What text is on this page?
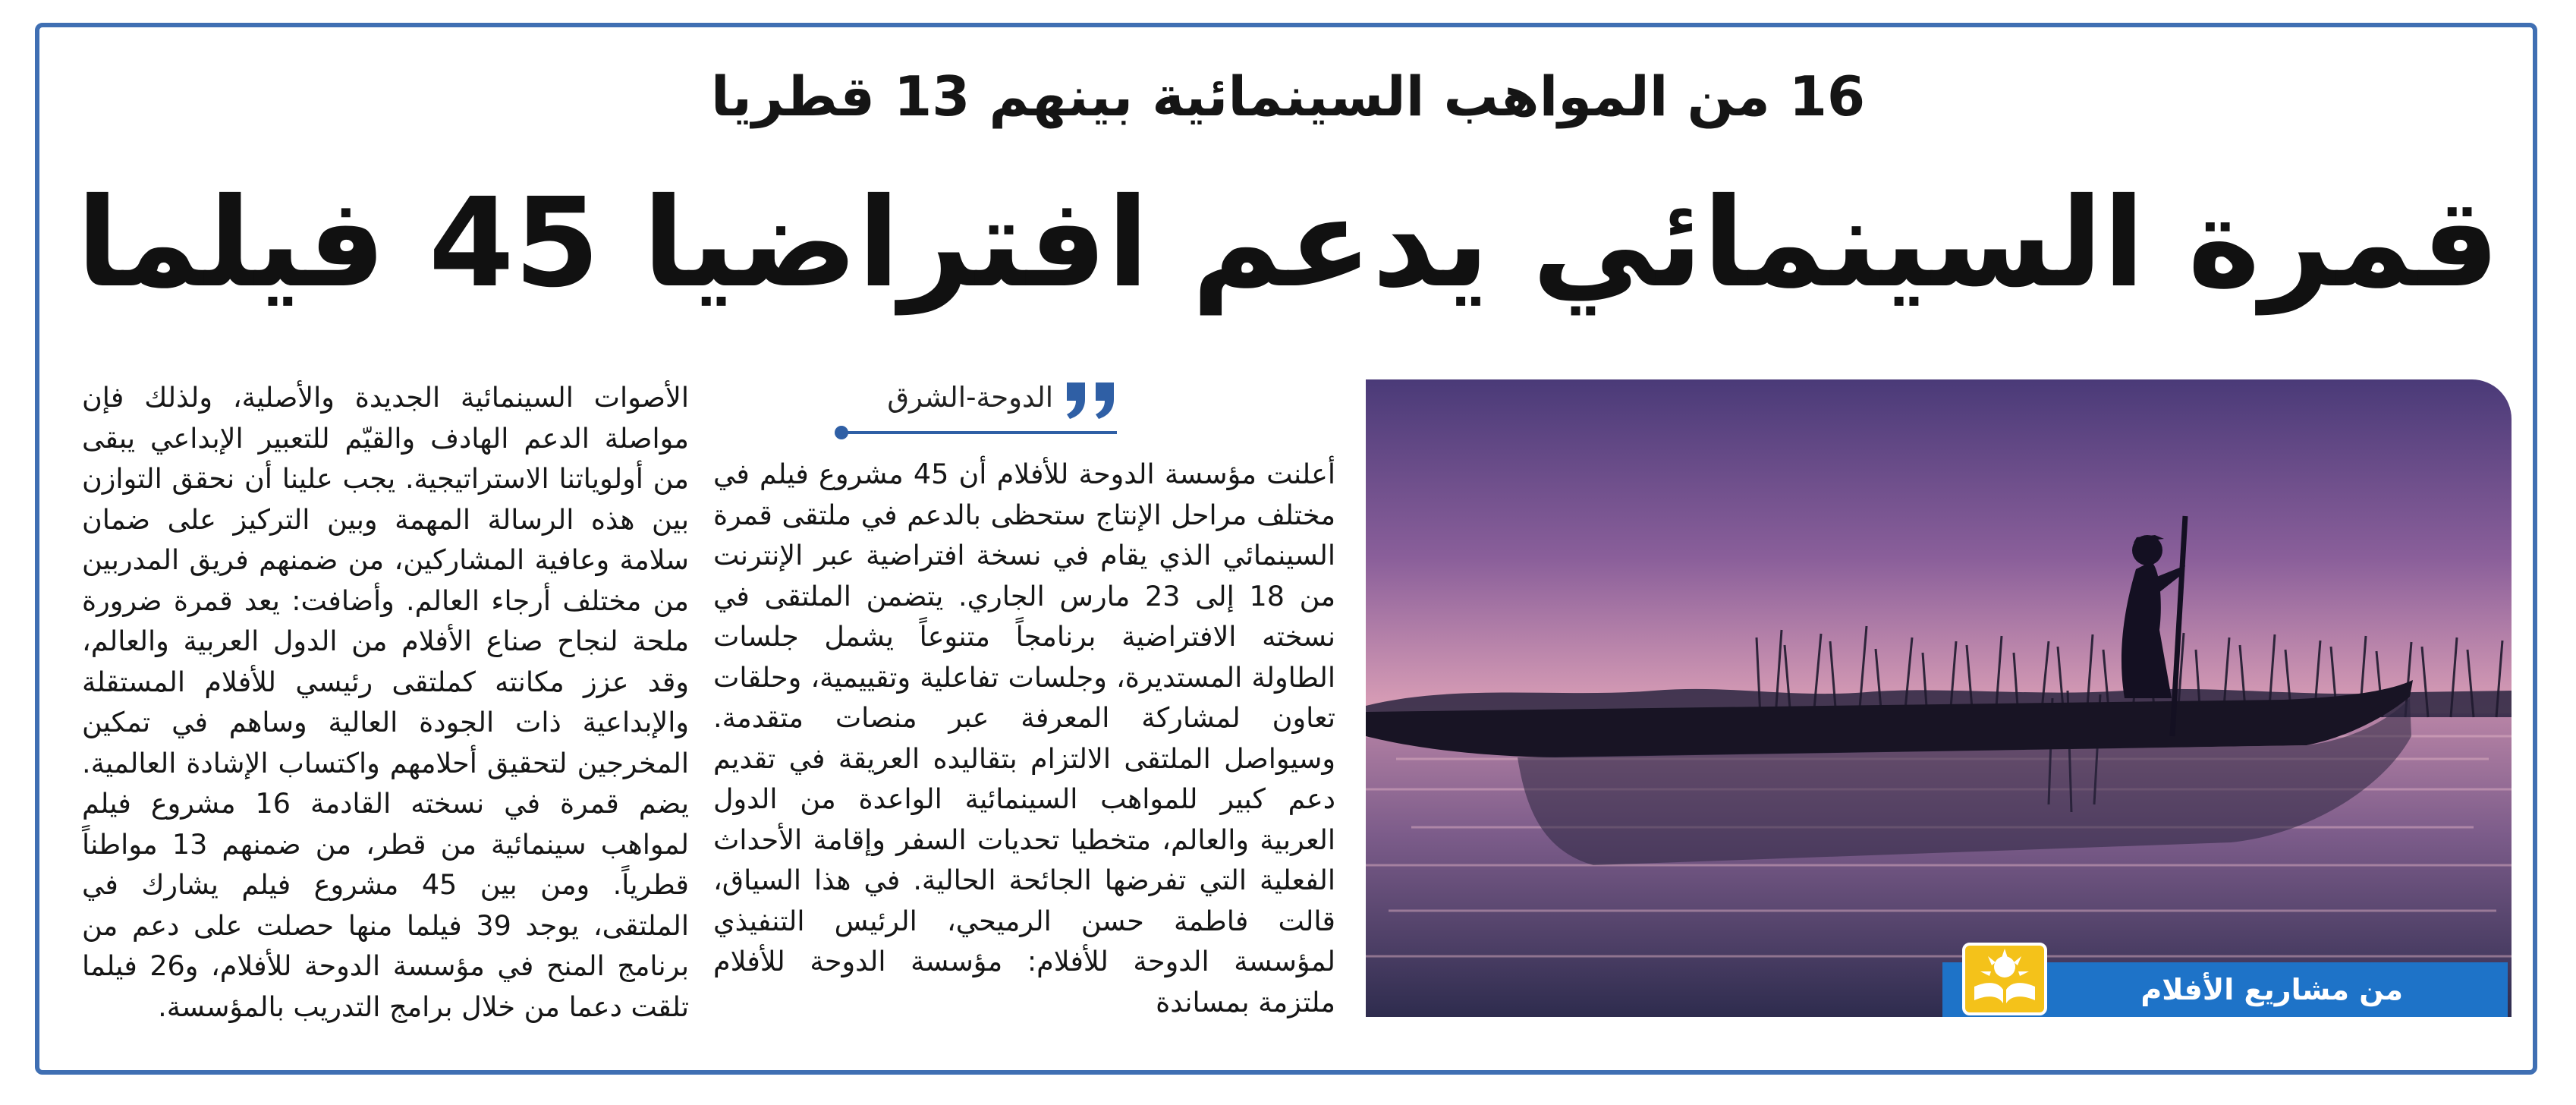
16 من المواهب السينمائية بينهم 13 قطريا
قمرة السينمائي يدعم افتراضيا 45 فيلما
من مشاريع الأفلام
الدوحة-الشرق

أعلنت مؤسسة الدوحة للأفلام أن 45 مشروع فيلم في مختلف مراحل الإنتاج ستحظى بالدعم في ملتقى قمرة السينمائي الذي يقام في نسخة افتراضية عبر الإنترنت من 18 إلى 23 مارس الجاري. يتضمن الملتقى في نسخته الافتراضية برنامجاً متنوعاً يشمل جلسات الطاولة المستديرة، وجلسات تفاعلية وتقييمية، وحلقات تعاون لمشاركة المعرفة عبر منصات متقدمة. وسيواصل الملتقى الالتزام بتقاليده العريقة في تقديم دعم كبير للمواهب السينمائية الواعدة من الدول العربية والعالم، متخطيا تحديات السفر وإقامة الأحداث الفعلية التي تفرضها الجائحة الحالية. في هذا السياق، قالت فاطمة حسن الرميحي، الرئيس التنفيذي لمؤسسة الدوحة للأفلام: مؤسسة الدوحة للأفلام ملتزمة بمساندة

الأصوات السينمائية الجديدة والأصلية، ولذلك فإن مواصلة الدعم الهادف والقيّم للتعبير الإبداعي يبقى من أولوياتنا الاستراتيجية. يجب علينا أن نحقق التوازن بين هذه الرسالة المهمة وبين التركيز على ضمان سلامة وعافية المشاركين، من ضمنهم فريق المدربين من مختلف أرجاء العالم. وأضافت: يعد قمرة ضرورة ملحة لنجاح صناع الأفلام من الدول العربية والعالم، وقد عزز مكانته كملتقى رئيسي للأفلام المستقلة والإبداعية ذات الجودة العالية وساهم في تمكين المخرجين لتحقيق أحلامهم واكتساب الإشادة العالمية. يضم قمرة في نسخته القادمة 16 مشروع فيلم لمواهب سينمائية من قطر، من ضمنهم 13 مواطناً قطرياً. ومن بين 45 مشروع فيلم يشارك في الملتقى، يوجد 39 فيلما منها حصلت على دعم من برنامج المنح في مؤسسة الدوحة للأفلام، و26 فيلما تلقت دعما من خلال برامج التدريب بالمؤسسة.
